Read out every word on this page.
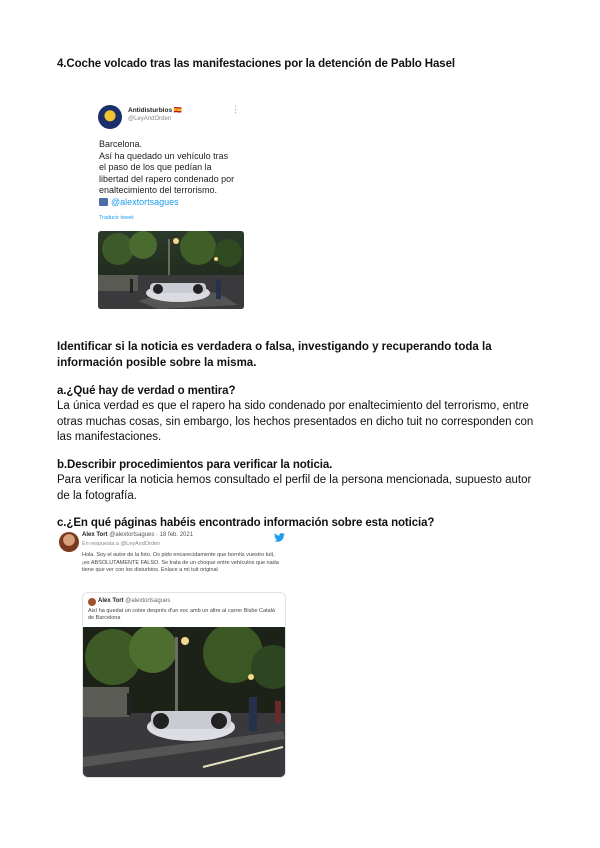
4.Coche volcado tras las manifestaciones por la detención de Pablo Hasel
Antidisturbios 🇪🇸
@LeyAndOrden
⋮
Barcelona.
Así ha quedado un vehículo tras
el paso de los que pedían la
libertad del rapero condenado por
enaltecimiento del terrorismo.
@alextortsagues
Traducir tweet
Identificar si la noticia es verdadera o falsa, investigando y recuperando toda la información posible sobre la misma.
a.¿Qué hay de verdad o mentira?
La única verdad es que el rapero ha sido condenado por enaltecimiento del terrorismo, entre otras muchas cosas, sin embargo, los hechos presentados en dicho tuit no corresponden con las manifestaciones.
b.Describir procedimientos para verificar la noticia.
Para verificar la noticia hemos consultado el perfil de la persona mencionada, supuesto autor de la fotografía.
c.¿En qué páginas habéis encontrado información sobre esta noticia?
Alex Tort @alextortsagues · 18 feb. 2021
En respuesta a @LeyAndOrden
Hola. Soy el autor de la foto. Os pido encarecidamente que borréis vuestro tuit, ¡es ABSOLUTAMENTE FALSO. Se trata de un choque entre vehículos que nada tiene que ver con los disturbios. Enlace a mi tuit original
Alex Tort @alextortsagues
Així ha quedat un cotxe després d'un xoc amb un altre al carrer Bisbe Catalá de Barcelona
